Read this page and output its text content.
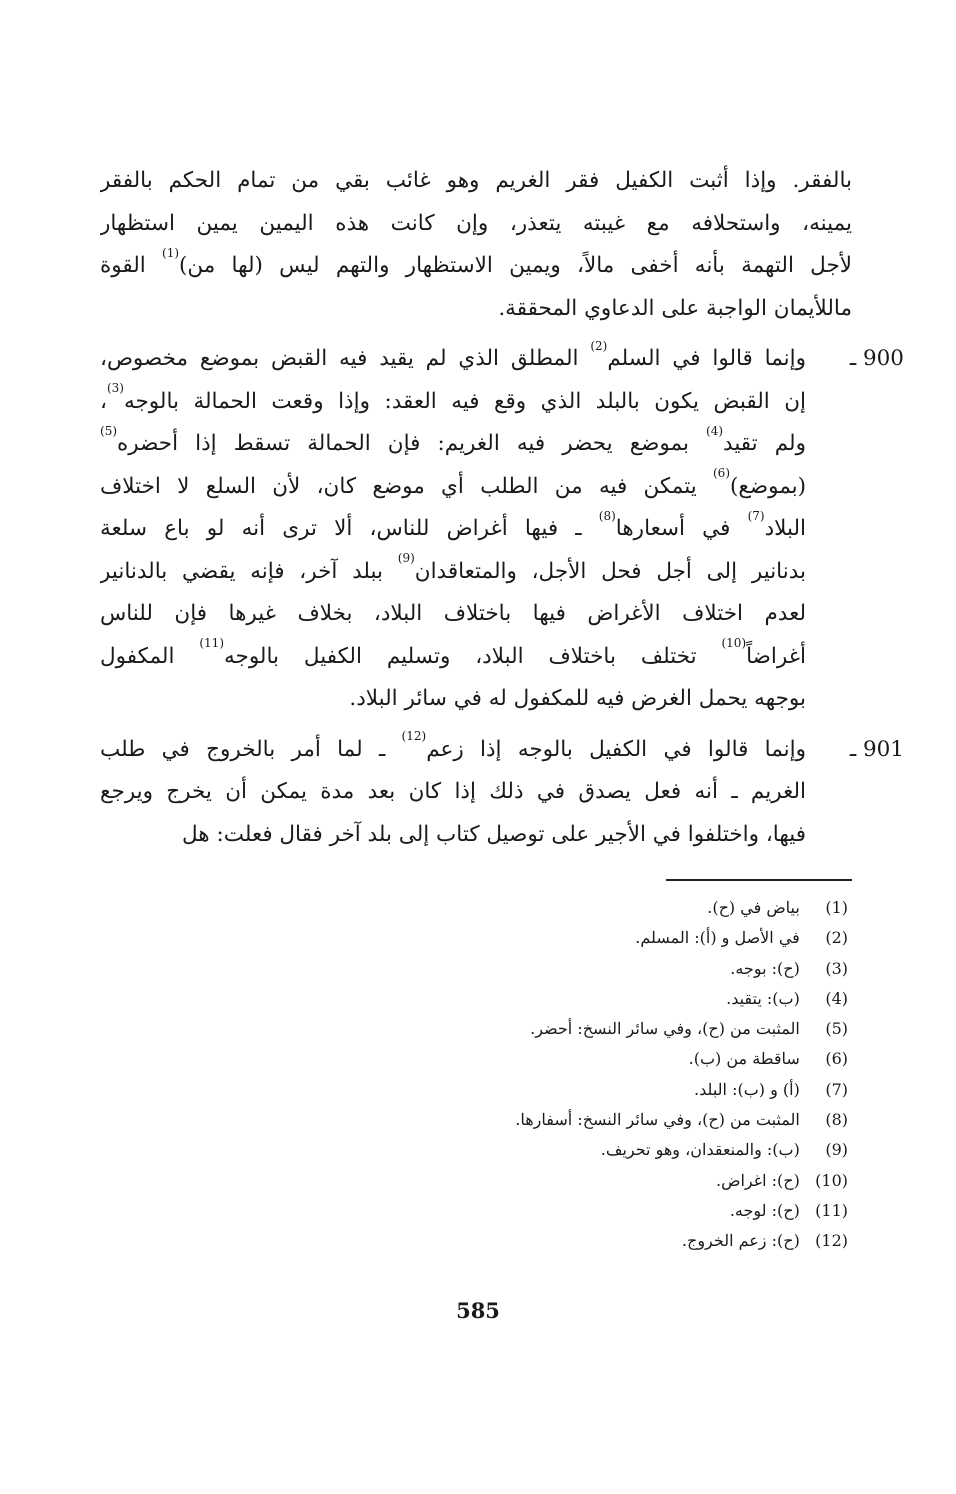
بالفقر. وإذا أثبت الكفيل فقر الغريم وهو غائب بقي من تمام الحكم بالفقر
يمينه، واستحلافه مع غيبته يتعذر، وإن كانت هذه اليمين يمين استظهار
لأجل التهمة بأنه أخفى مالاً، ويمين الاستظهار والتهم ليس (لها من)$^{(1)}$ القوة
ماللأيمان الواجبة على الدعاوي المحققة.
900 ـ
وإنما قالوا في السلم$^{(2)}$ المطلق الذي لم يقيد فيه القبض بموضع مخصوص،
إن القبض يكون بالبلد الذي وقع فيه العقد: وإذا وقعت الحمالة بالوجه$^{(3)}$،
ولم تقيد$^{(4)}$ بموضع يحضر فيه الغريم: فإن الحمالة تسقط إذا أحضره$^{(5)}$
(بموضع)$^{(6)}$ يتمكن فيه من الطلب أي موضع كان، لأن السلع لا اختلاف
البلاد$^{(7)}$ في أسعارها$^{(8)}$ ـ فيها أغراض للناس، ألا ترى أنه لو باع سلعة
بدنانير إلى أجل فحل الأجل، والمتعاقدان$^{(9)}$ ببلد آخر، فإنه يقضي بالدنانير
لعدم اختلاف الأغراض فيها باختلاف البلاد، بخلاف غيرها فإن للناس
أغراضاً$^{(10)}$ تختلف باختلاف البلاد، وتسليم الكفيل بالوجه$^{(11)}$ المكفول
بوجهه يحمل الغرض فيه للمكفول له في سائر البلاد.
901 ـ
وإنما قالوا في الكفيل بالوجه إذا زعم$^{(12)}$ ـ لما أمر بالخروج في طلب
الغريم ـ أنه فعل يصدق في ذلك إذا كان بعد مدة يمكن أن يخرج ويرجع
فيها، واختلفوا في الأجير على توصيل كتاب إلى بلد آخر فقال فعلت: هل
(1)
بياض في (ح).
(2)
في الأصل و (أ): المسلم.
(3)
(ح): بوجه.
(4)
(ب): يتقيد.
(5)
المثبت من (ح)، وفي سائر النسخ: أحضر.
(6)
ساقطة من (ب).
(7)
(أ) و (ب): البلد.
(8)
المثبت من (ح)، وفي سائر النسخ: أسفارها.
(9)
(ب): والمنعقدان، وهو تحريف.
(10)
(ح): اغراض.
(11)
(ح): لوجه.
(12)
(ح): زعم الخروج.
585
